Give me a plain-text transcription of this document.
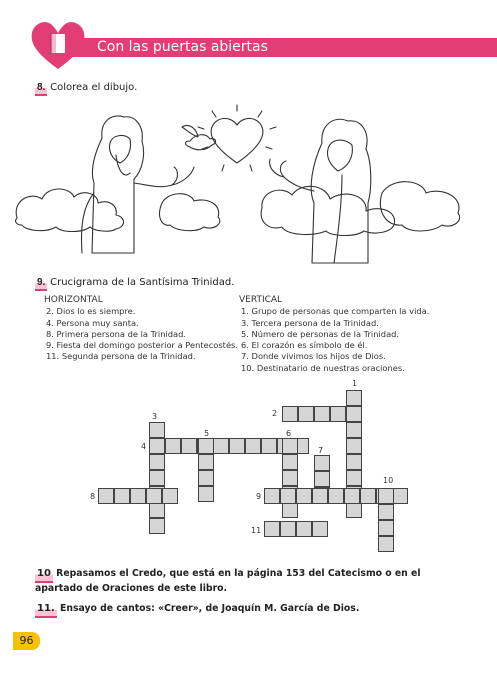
Con las puertas abiertas
8. Colorea el dibujo.
9. Crucigrama de la Santísima Trinidad.
HORIZONTAL
2. Dios lo es siempre.
4. Persona muy santa.
8. Primera persona de la Trinidad.
9. Fiesta del domingo posterior a Pentecostés.
11. Segunda persona de la Trinidad.
VERTICAL
1. Grupo de personas que comparten la vida.
3. Tercera persona de la Trinidad.
5. Número de personas de la Trinidad.
6. El corazón es símbolo de él.
7. Donde vivimos los hijos de Dios.
10. Destinatario de nuestras oraciones.
1
2
3
4
5	6
7
8	9
10
11
10 Repasamos el Credo, que está en la página 153 del Catecismo o en el apartado de Oraciones de este libro.
11. Ensayo de cantos: «Creer», de Joaquín M. García de Dios.
96
